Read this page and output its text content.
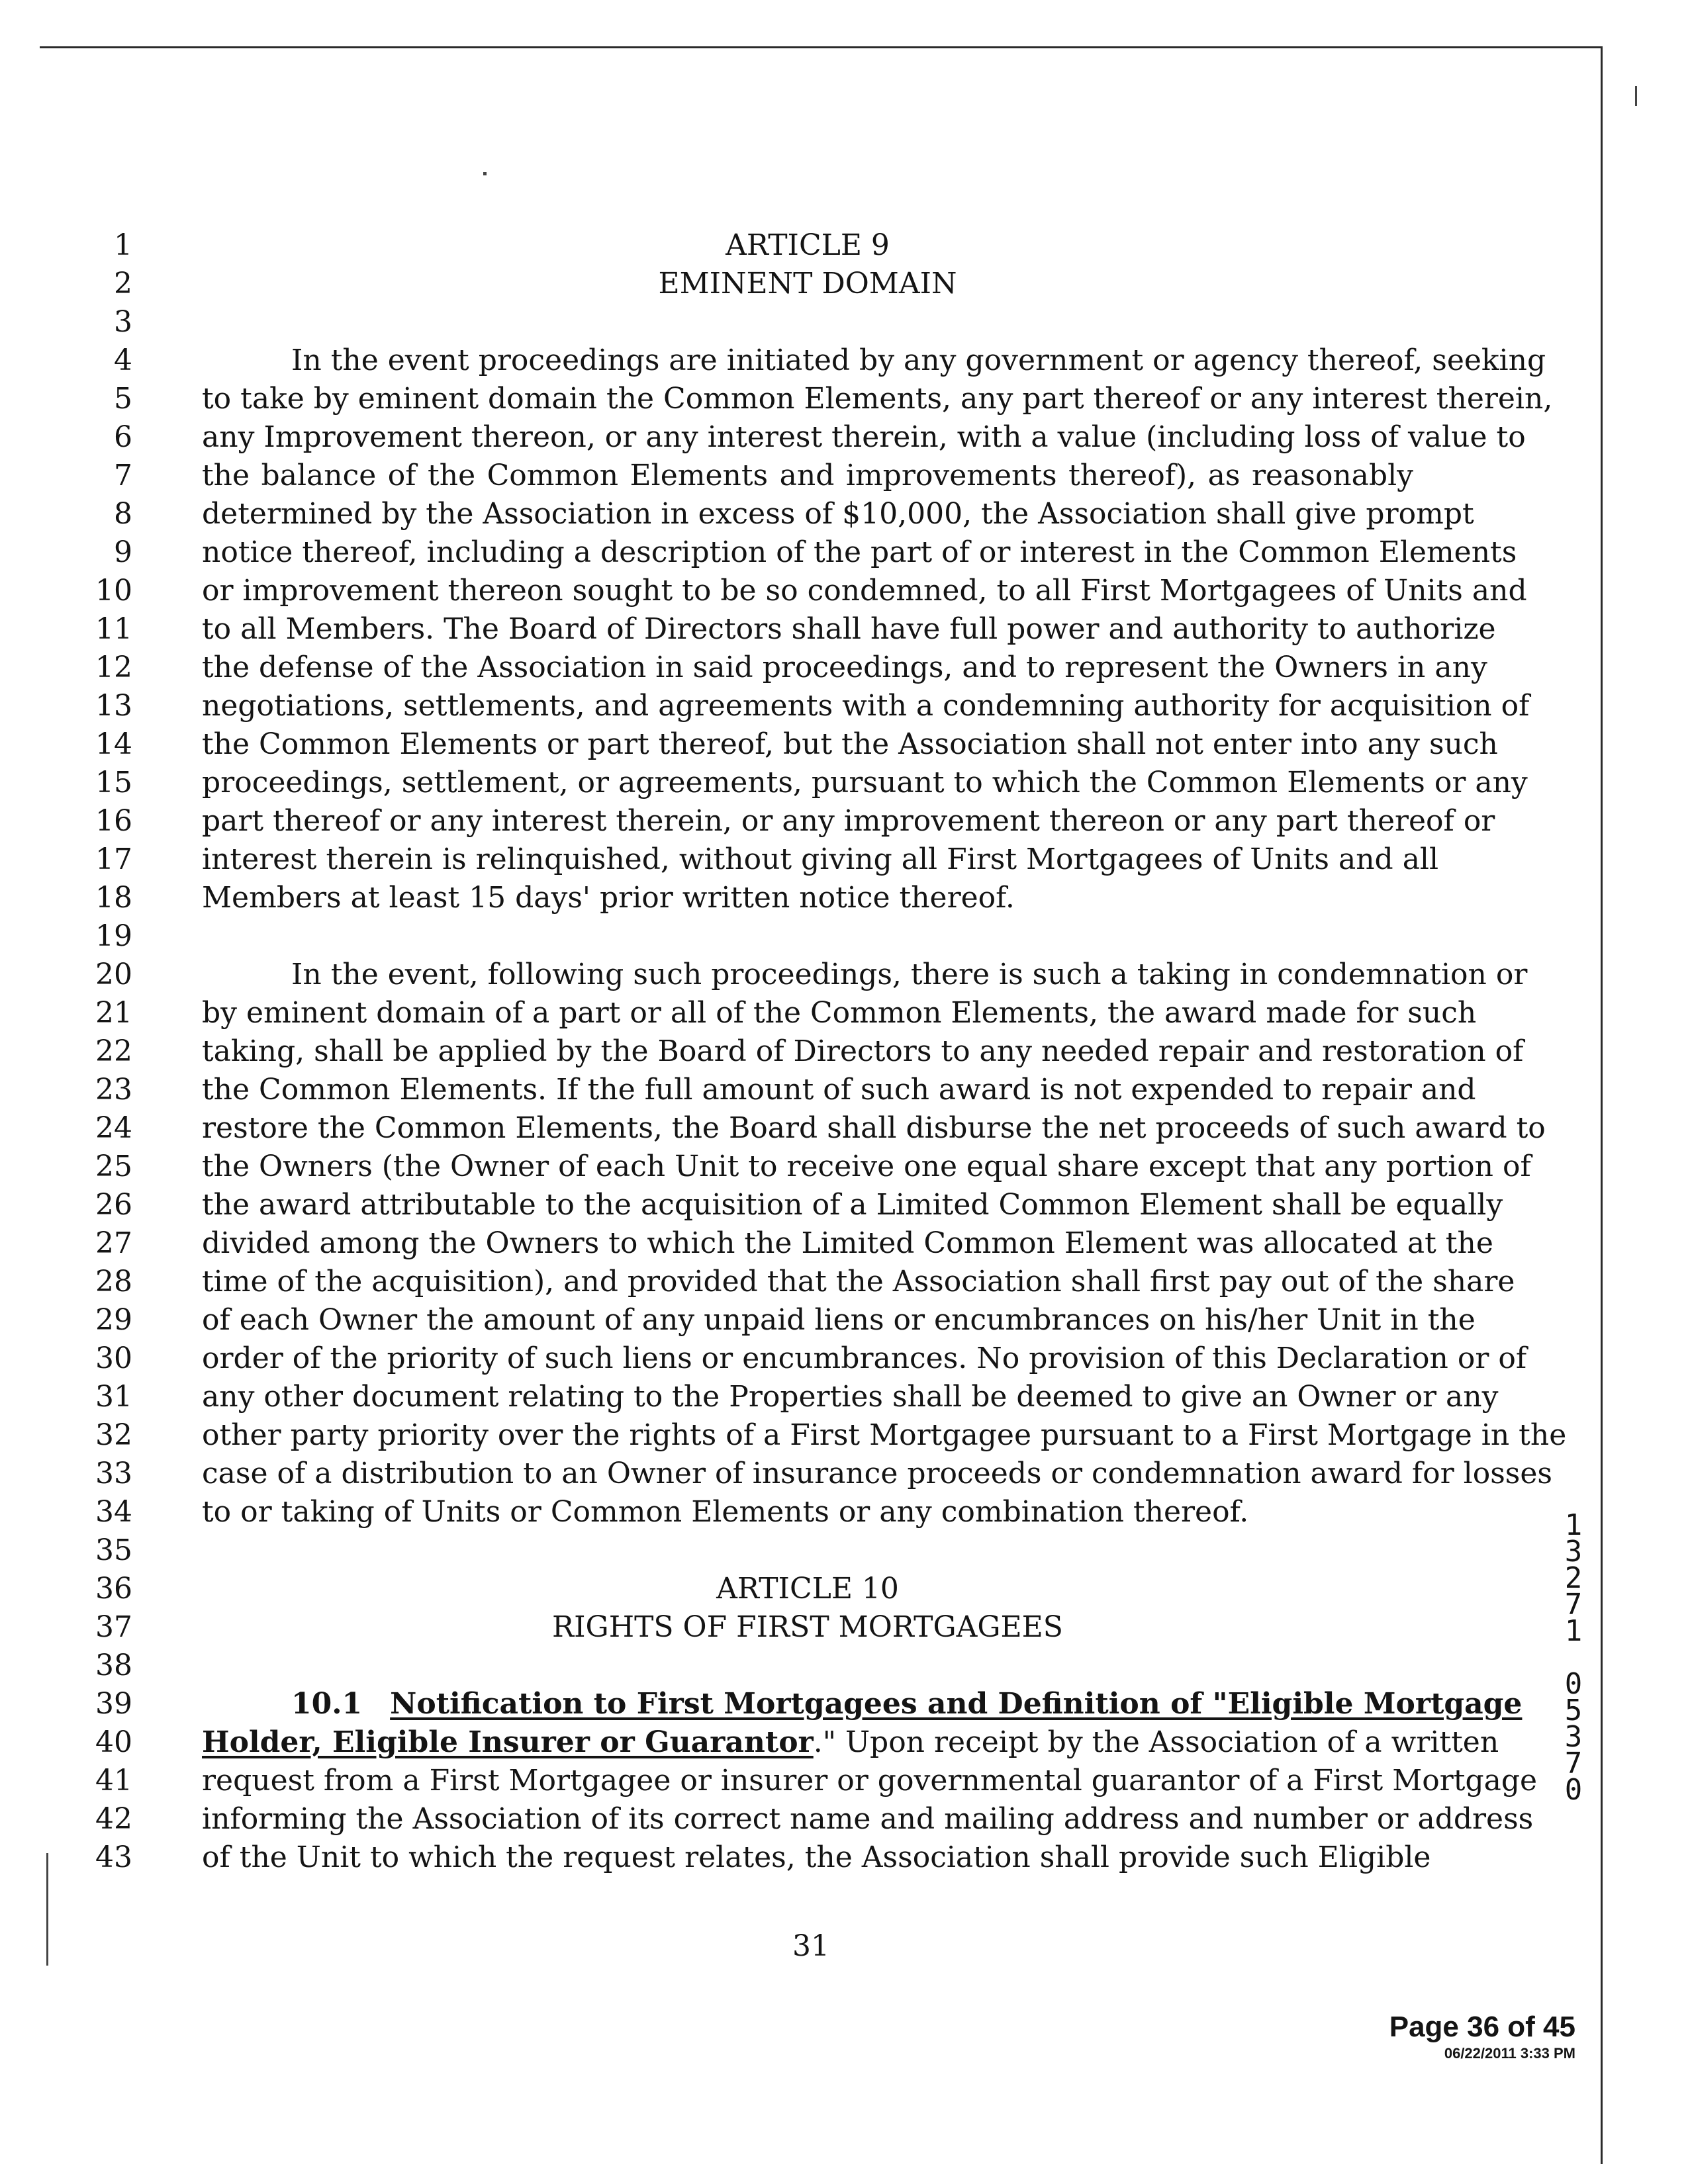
1
2
3
4
5
6
7
8
9
10
11
12
13
14
15
16
17
18
19
20
21
22
23
24
25
26
27
28
29
30
31
32
33
34
35
36
37
38
39
40
41
42
43
ARTICLE 9
EMINENT DOMAIN
In the event proceedings are initiated by any government or agency thereof, seeking
to take by eminent domain the Common Elements, any part thereof or any interest therein,
any Improvement thereon, or any interest therein, with a value (including loss of value to
the balance of the Common Elements and improvements thereof), as reasonably
determined by the Association in excess of $10,000, the Association shall give prompt
notice thereof, including a description of the part of or interest in the Common Elements
or improvement thereon sought to be so condemned, to all First Mortgagees of Units and
to all Members. The Board of Directors shall have full power and authority to authorize
the defense of the Association in said proceedings, and to represent the Owners in any
negotiations, settlements, and agreements with a condemning authority for acquisition of
the Common Elements or part thereof, but the Association shall not enter into any such
proceedings, settlement, or agreements, pursuant to which the Common Elements or any
part thereof or any interest therein, or any improvement thereon or any part thereof or
interest therein is relinquished, without giving all First Mortgagees of Units and all
Members at least 15 days' prior written notice thereof.
In the event, following such proceedings, there is such a taking in condemnation or
by eminent domain of a part or all of the Common Elements, the award made for such
taking, shall be applied by the Board of Directors to any needed repair and restoration of
the Common Elements. If the full amount of such award is not expended to repair and
restore the Common Elements, the Board shall disburse the net proceeds of such award to
the Owners (the Owner of each Unit to receive one equal share except that any portion of
the award attributable to the acquisition of a Limited Common Element shall be equally
divided among the Owners to which the Limited Common Element was allocated at the
time of the acquisition), and provided that the Association shall first pay out of the share
of each Owner the amount of any unpaid liens or encumbrances on his/her Unit in the
order of the priority of such liens or encumbrances. No provision of this Declaration or of
any other document relating to the Properties shall be deemed to give an Owner or any
other party priority over the rights of a First Mortgagee pursuant to a First Mortgage in the
case of a distribution to an Owner of insurance proceeds or condemnation award for losses
to or taking of Units or Common Elements or any combination thereof.
ARTICLE 10
RIGHTS OF FIRST MORTGAGEES
10.1 Notification to First Mortgagees and Definition of "Eligible Mortgage
Holder, Eligible Insurer or Guarantor." Upon receipt by the Association of a written
request from a First Mortgagee or insurer or governmental guarantor of a First Mortgage
informing the Association of its correct name and mailing address and number or address
of the Unit to which the request relates, the Association shall provide such Eligible
31
1
3
2
7
1

0
5
3
7
0
Page 36 of 45
06/22/2011 3:33 PM
